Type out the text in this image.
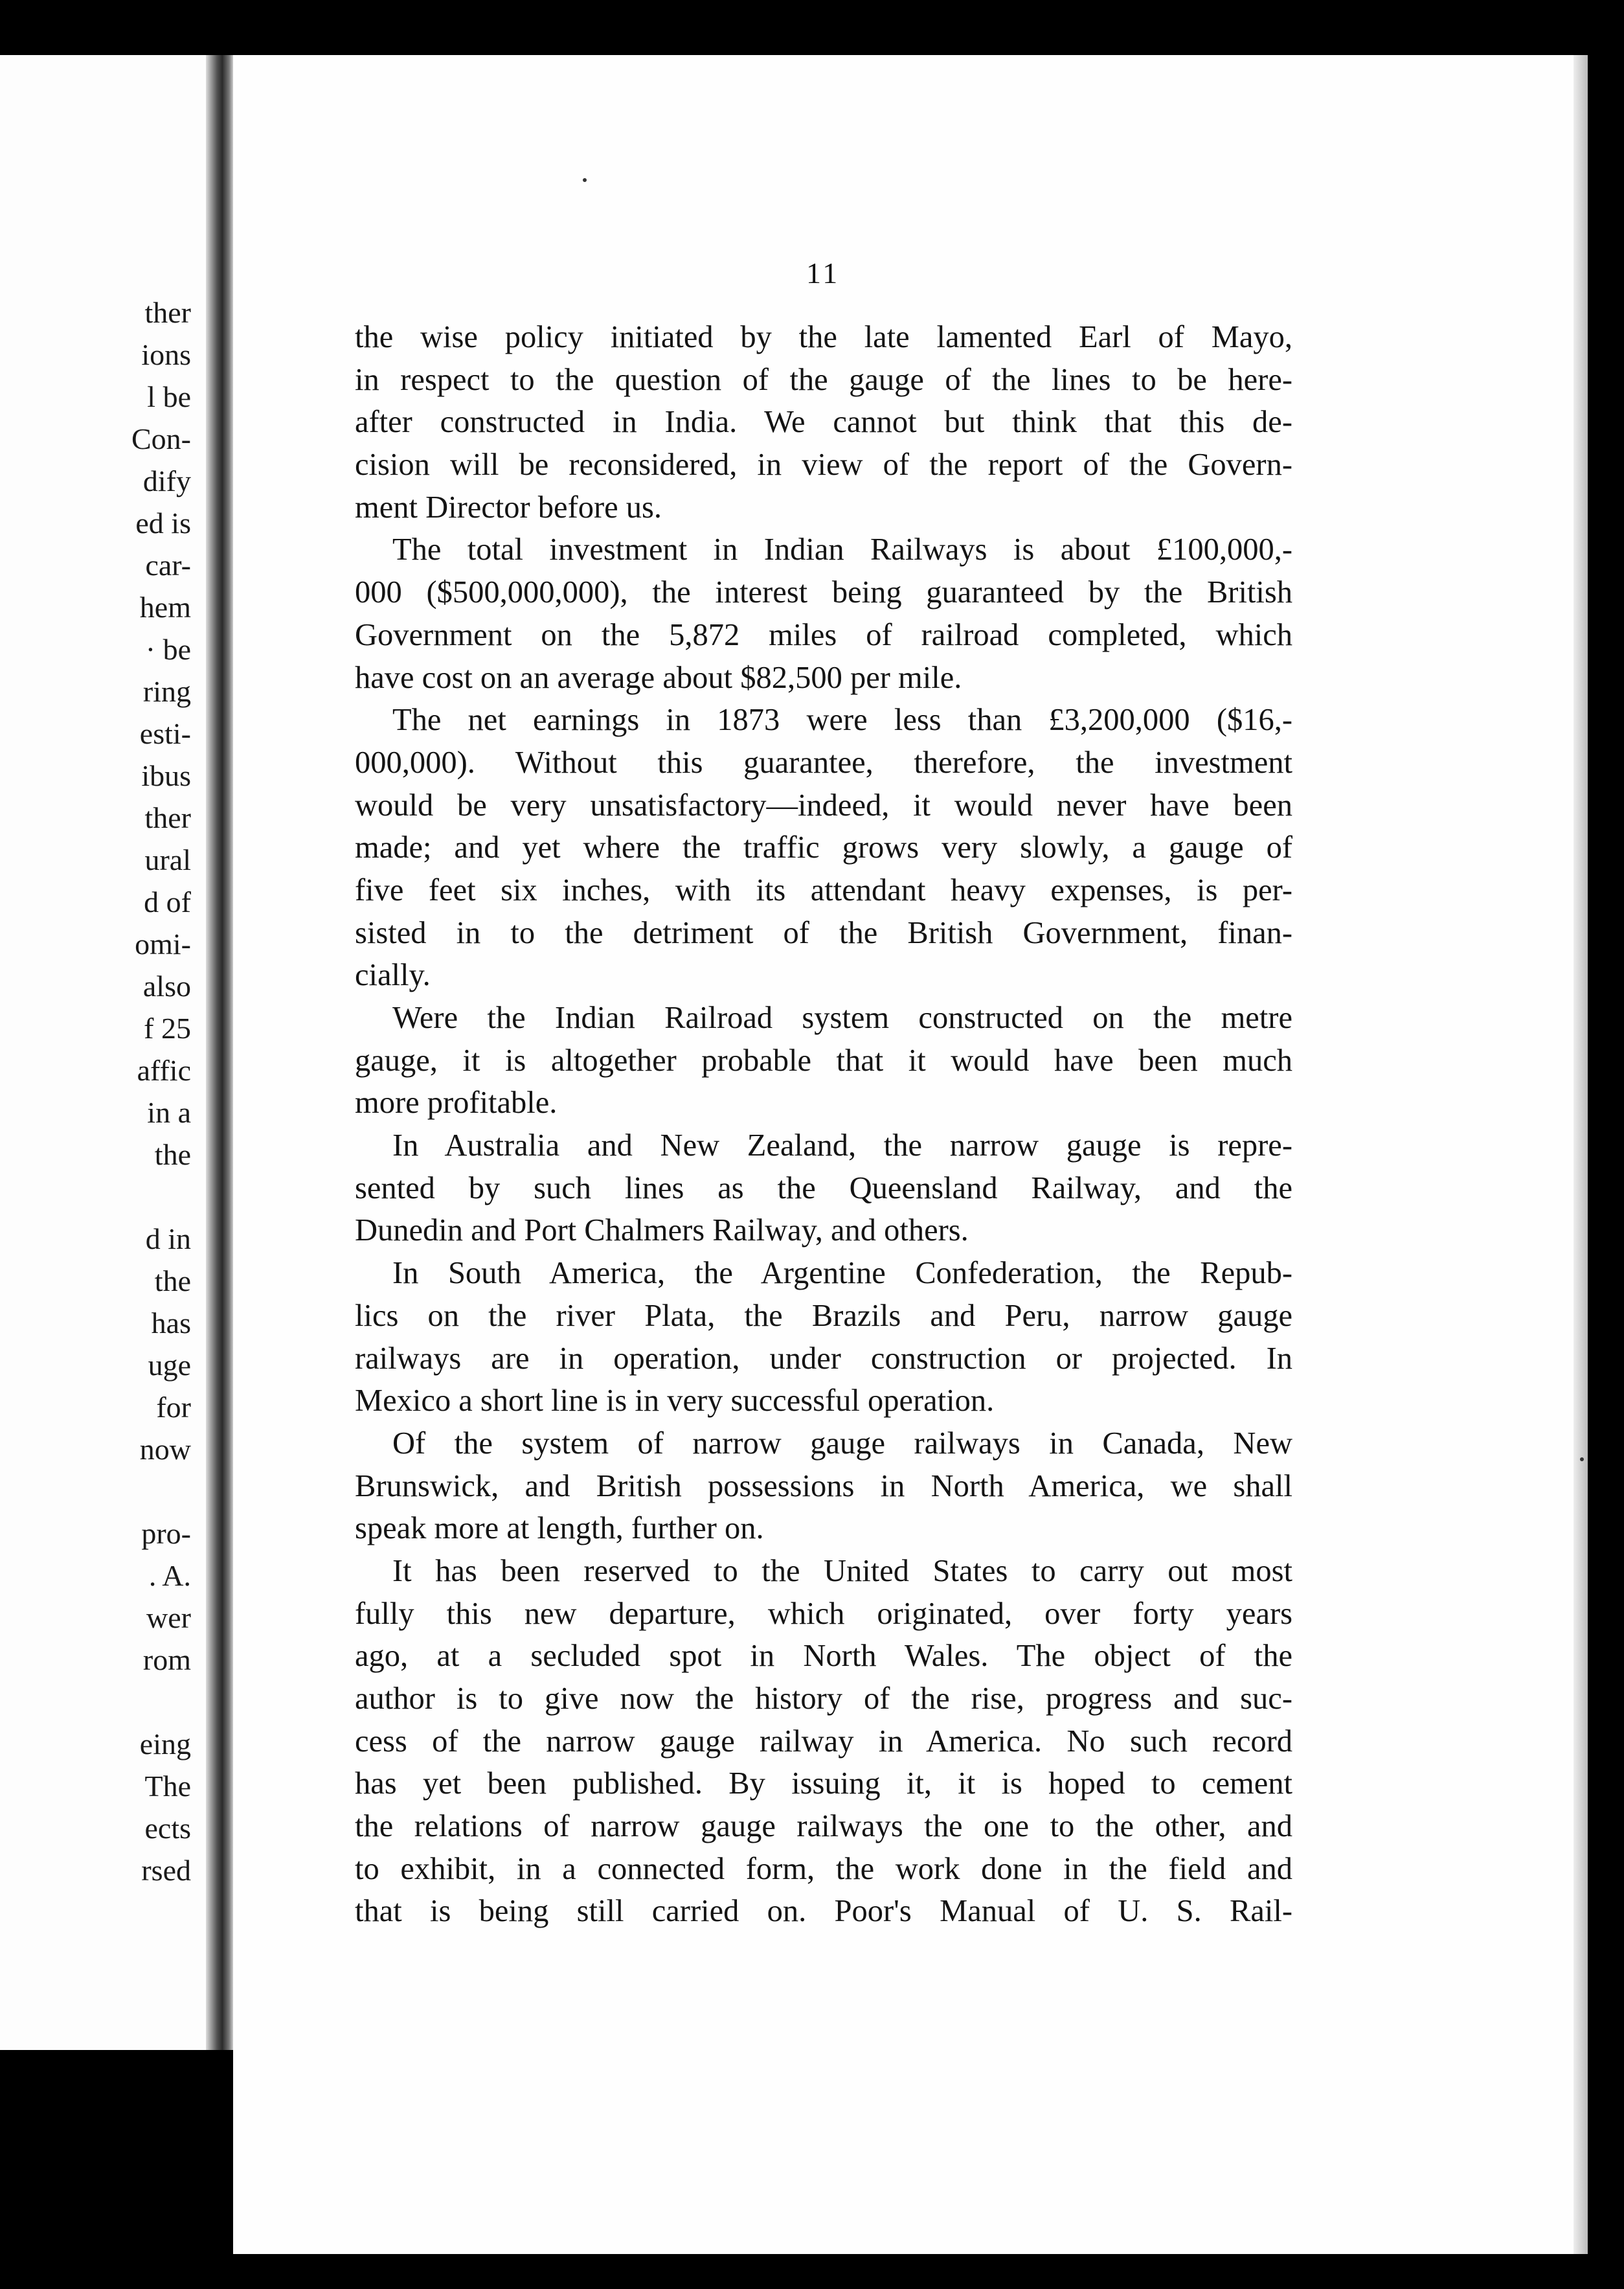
ther
ions
l be
Con-
dify
ed is
car-
hem
· be
ring
esti-
ibus
ther
ural
d of
omi-
also
f 25
affic
in a
the
d in
the
has
uge
for
now
pro-
. A.
wer
rom
eing
The
ects
rsed
11
the wise policy initiated by the late lamented Earl of Mayo,
in respect to the question of the gauge of the lines to be here-
after constructed in India. We cannot but think that this de-
cision will be reconsidered, in view of the report of the Govern-
ment Director before us.
The total investment in Indian Railways is about £100,000,-
000 ($500,000,000), the interest being guaranteed by the British
Government on the 5,872 miles of railroad completed, which
have cost on an average about $82,500 per mile.
The net earnings in 1873 were less than £3,200,000 ($16,-
000,000). Without this guarantee, therefore, the investment
would be very unsatisfactory—indeed, it would never have been
made; and yet where the traffic grows very slowly, a gauge of
five feet six inches, with its attendant heavy expenses, is per-
sisted in to the detriment of the British Government, finan-
cially.
Were the Indian Railroad system constructed on the metre
gauge, it is altogether probable that it would have been much
more profitable.
In Australia and New Zealand, the narrow gauge is repre-
sented by such lines as the Queensland Railway, and the
Dunedin and Port Chalmers Railway, and others.
In South America, the Argentine Confederation, the Repub-
lics on the river Plata, the Brazils and Peru, narrow gauge
railways are in operation, under construction or projected. In
Mexico a short line is in very successful operation.
Of the system of narrow gauge railways in Canada, New
Brunswick, and British possessions in North America, we shall
speak more at length, further on.
It has been reserved to the United States to carry out most
fully this new departure, which originated, over forty years
ago, at a secluded spot in North Wales. The object of the
author is to give now the history of the rise, progress and suc-
cess of the narrow gauge railway in America. No such record
has yet been published. By issuing it, it is hoped to cement
the relations of narrow gauge railways the one to the other, and
to exhibit, in a connected form, the work done in the field and
that is being still carried on. Poor's Manual of U. S. Rail-
